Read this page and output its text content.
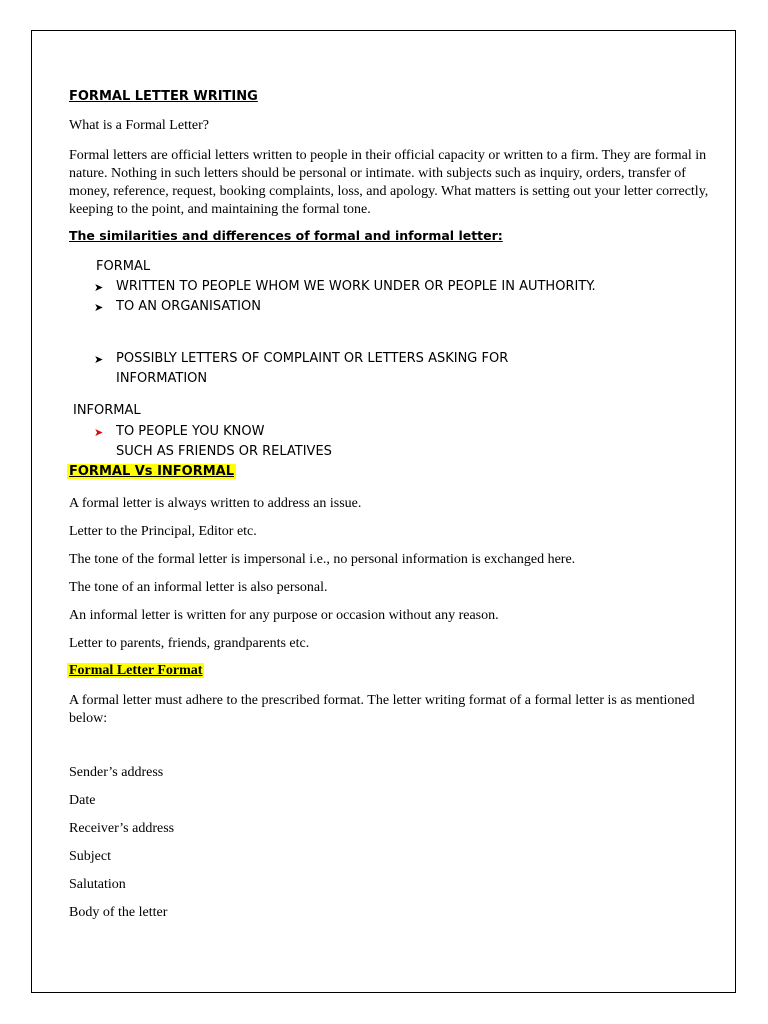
FORMAL LETTER WRITING
What is a Formal Letter?
Formal letters are official letters written to people in their official capacity or written to a firm. They are formal in nature. Nothing in such letters should be personal or intimate. with subjects such as inquiry, orders, transfer of money, reference, request, booking complaints, loss, and apology. What matters is setting out your letter correctly, keeping to the point, and maintaining the formal tone.
The similarities and differences of formal and informal letter:
FORMAL
➤ WRITTEN TO PEOPLE WHOM WE WORK UNDER OR PEOPLE IN AUTHORITY.
➤ TO AN ORGANISATION
➤ POSSIBLY LETTERS OF COMPLAINT OR LETTERS ASKING FOR
INFORMATION
INFORMAL
➤ TO PEOPLE YOU KNOW
SUCH AS FRIENDS OR RELATIVES
FORMAL Vs INFORMAL
A formal letter is always written to address an issue.
Letter to the Principal, Editor etc.
The tone of the formal letter is impersonal i.e., no personal information is exchanged here.
The tone of an informal letter is also personal.
An informal letter is written for any purpose or occasion without any reason.
Letter to parents, friends, grandparents etc.
Formal Letter Format
A formal letter must adhere to the prescribed format. The letter writing format of a formal letter is as mentioned below:
Sender’s address
Date
Receiver’s address
Subject
Salutation
Body of the letter
